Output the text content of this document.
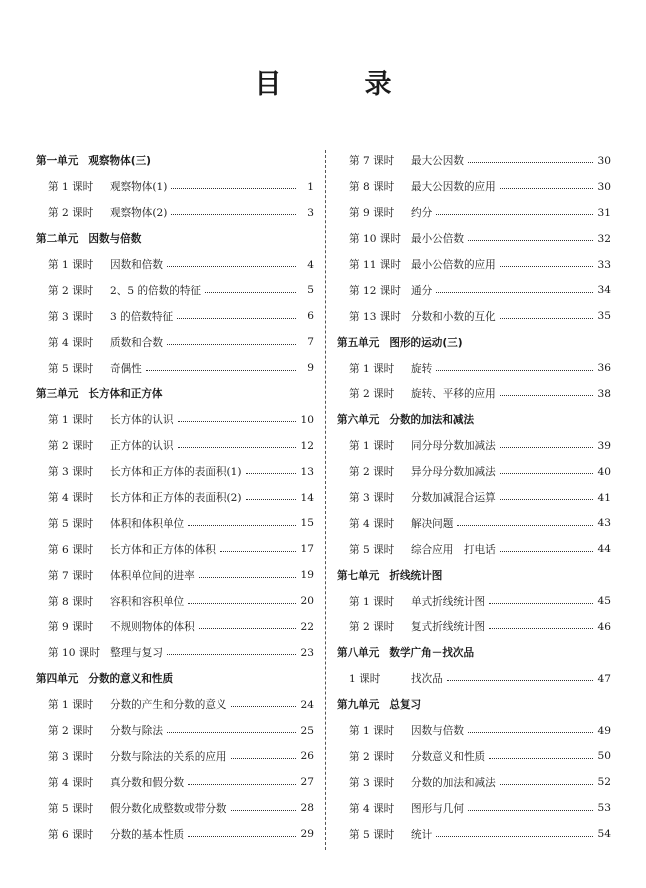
目　录
第一单元 观察物体(三)
第 1 课时	观察物体(1)	1
第 2 课时	观察物体(2)	3
第二单元 因数与倍数
第 1 课时	因数和倍数	4
第 2 课时	2、5 的倍数的特征	5
第 3 课时	3 的倍数特征	6
第 4 课时	质数和合数	7
第 5 课时	奇偶性	9
第三单元 长方体和正方体
第 1 课时	长方体的认识	10
第 2 课时	正方体的认识	12
第 3 课时	长方体和正方体的表面积(1)	13
第 4 课时	长方体和正方体的表面积(2)	14
第 5 课时	体积和体积单位	15
第 6 课时	长方体和正方体的体积	17
第 7 课时	体积单位间的进率	19
第 8 课时	容积和容积单位	20
第 9 课时	不规则物体的体积	22
第 10 课时 整理与复习	23
第四单元 分数的意义和性质
第 1 课时	分数的产生和分数的意义	24
第 2 课时	分数与除法	25
第 3 课时	分数与除法的关系的应用	26
第 4 课时	真分数和假分数	27
第 5 课时	假分数化成整数或带分数	28
第 6 课时	分数的基本性质	29
第 7 课时	最大公因数	30
第 8 课时	最大公因数的应用	30
第 9 课时	约分	31
第 10 课时 最小公倍数	32
第 11 课时 最小公倍数的应用	33
第 12 课时 通分	34
第 13 课时 分数和小数的互化	35
第五单元 图形的运动(三)
第 1 课时	旋转	36
第 2 课时	旋转、平移的应用	38
第六单元 分数的加法和减法
第 1 课时	同分母分数加减法	39
第 2 课时	异分母分数加减法	40
第 3 课时	分数加减混合运算	41
第 4 课时	解决问题	43
第 5 课时	综合应用　打电话	44
第七单元 折线统计图
第 1 课时	单式折线统计图	45
第 2 课时	复式折线统计图	46
第八单元 数学广角－找次品
1 课时	找次品	47
第九单元 总复习
第 1 课时	因数与倍数	49
第 2 课时	分数意义和性质	50
第 3 课时	分数的加法和减法	52
第 4 课时	图形与几何	53
第 5 课时	统计	54
